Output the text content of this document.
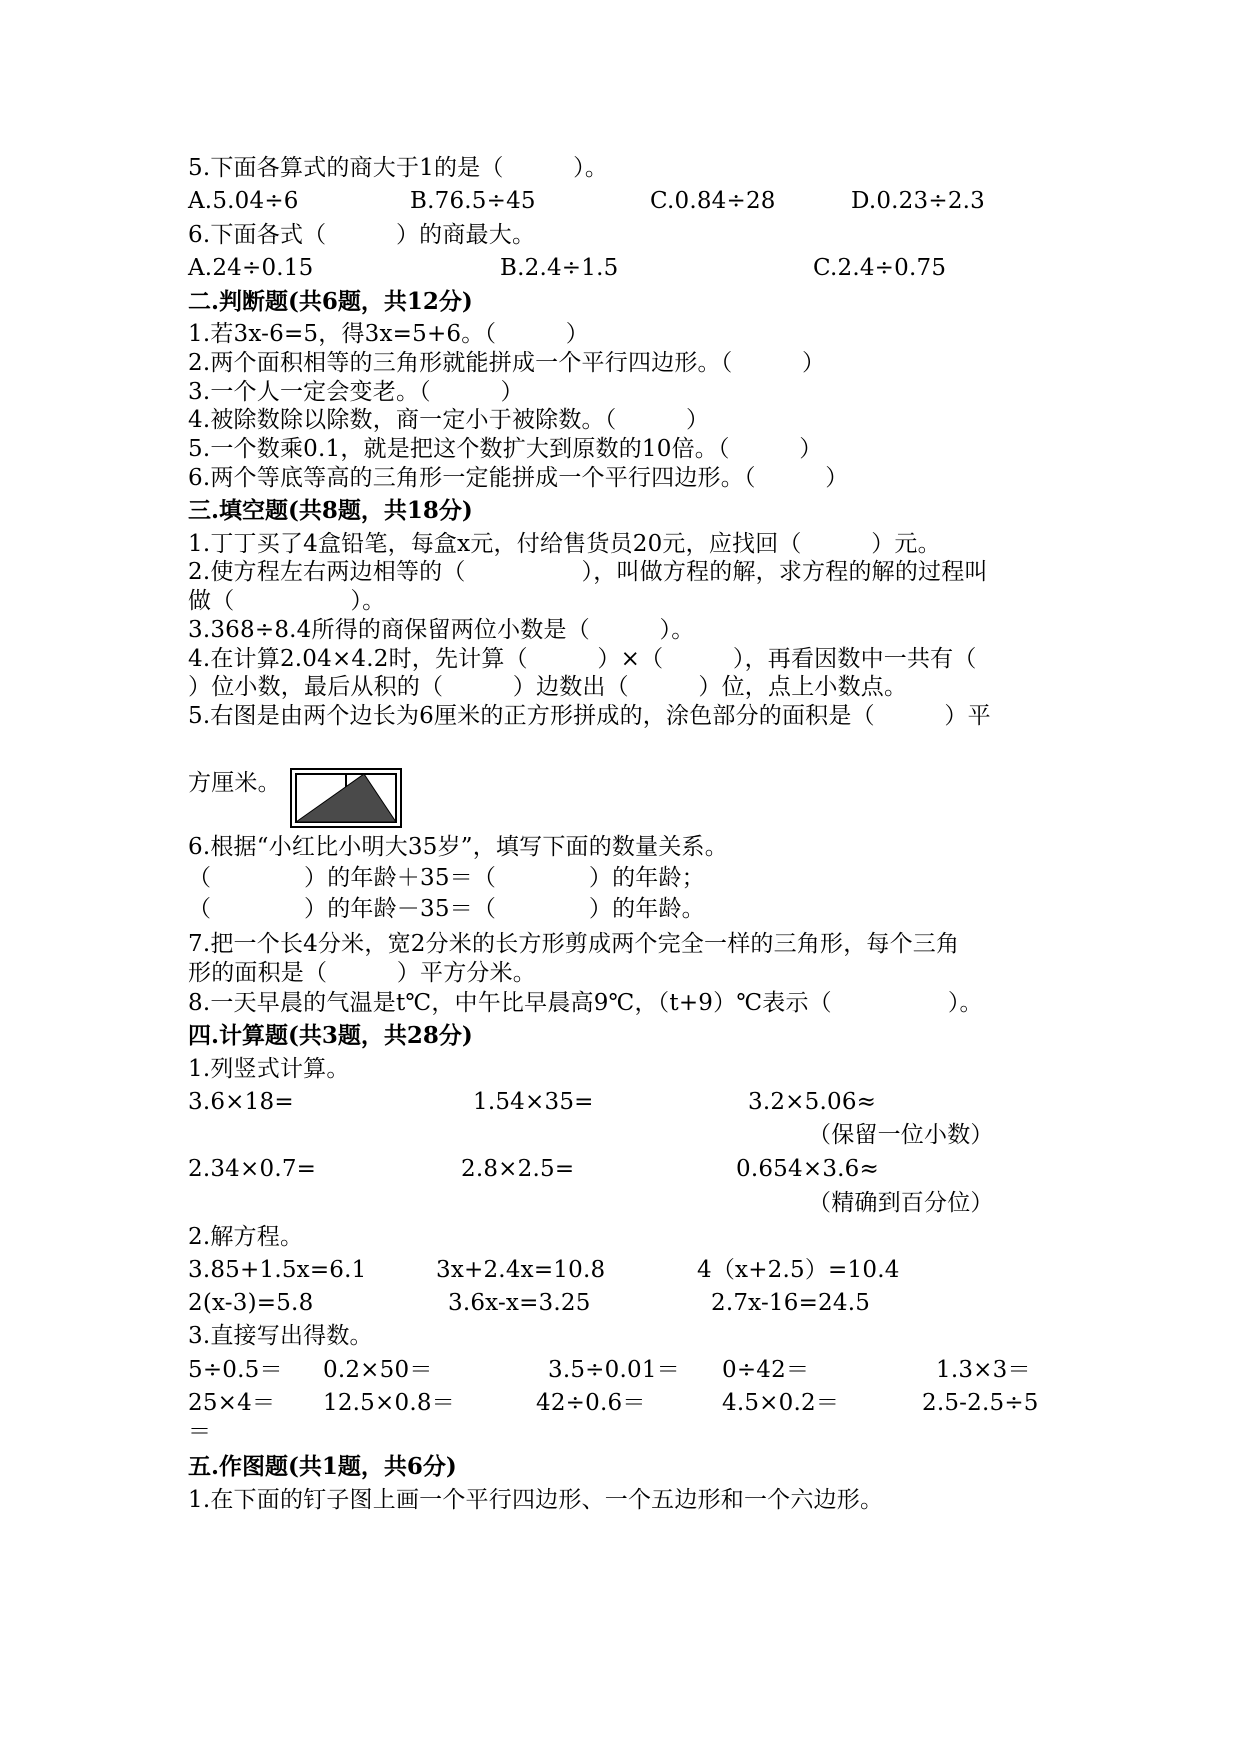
5.下面各算式的商大于1的是（　　　）。
A.5.04÷6	B.76.5÷45	C.0.84÷28	D.0.23÷2.3
6.下面各式（　　　）的商最大。
A.24÷0.15	B.2.4÷1.5	C.2.4÷0.75
二.判断题(共6题，共12分)
1.若3x-6=5，得3x=5+6。（　　　）
2.两个面积相等的三角形就能拼成一个平行四边形。（　　　）
3.一个人一定会变老。（　　　）
4.被除数除以除数，商一定小于被除数。（　　　）
5.一个数乘0.1，就是把这个数扩大到原数的10倍。（　　　）
6.两个等底等高的三角形一定能拼成一个平行四边形。（　　　）
三.填空题(共8题，共18分)
1.丁丁买了4盒铅笔，每盒x元，付给售货员20元，应找回（　　　）元。
2.使方程左右两边相等的（　　　　　），叫做方程的解，求方程的解的过程叫
做（　　　　　）。
3.368÷8.4所得的商保留两位小数是（　　　）。
4.在计算2.04×4.2时，先计算（　　　）×（　　　），再看因数中一共有（
）位小数，最后从积的（　　　）边数出（　　　）位，点上小数点。
5.右图是由两个边长为6厘米的正方形拼成的，涂色部分的面积是（　　　）平
方厘米。
6.根据“小红比小明大35岁”，填写下面的数量关系。
（　　　　）的年龄＋35＝（　　　　）的年龄；
（　　　　）的年龄－35＝（　　　　）的年龄。
7.把一个长4分米，宽2分米的长方形剪成两个完全一样的三角形，每个三角
形的面积是（　　　）平方分米。
8.一天早晨的气温是t℃，中午比早晨高9℃，（t+9）℃表示（　　　　　）。
四.计算题(共3题，共28分)
1.列竖式计算。
3.6×18=	1.54×35=	3.2×5.06≈
（保留一位小数）
2.34×0.7=	2.8×2.5=	0.654×3.6≈
（精确到百分位）
2.解方程。
3.85+1.5x=6.1	3x+2.4x=10.8	4（x+2.5）=10.4
2(x-3)=5.8	3.6x-x=3.25	2.7x-16=24.5
3.直接写出得数。
5÷0.5＝ 0.2×50＝	3.5÷0.01＝ 0÷42＝	1.3×3＝
25×4＝ 12.5×0.8＝	42÷0.6＝	4.5×0.2＝	2.5-2.5÷5
＝
五.作图题(共1题，共6分)
1.在下面的钉子图上画一个平行四边形、一个五边形和一个六边形。
